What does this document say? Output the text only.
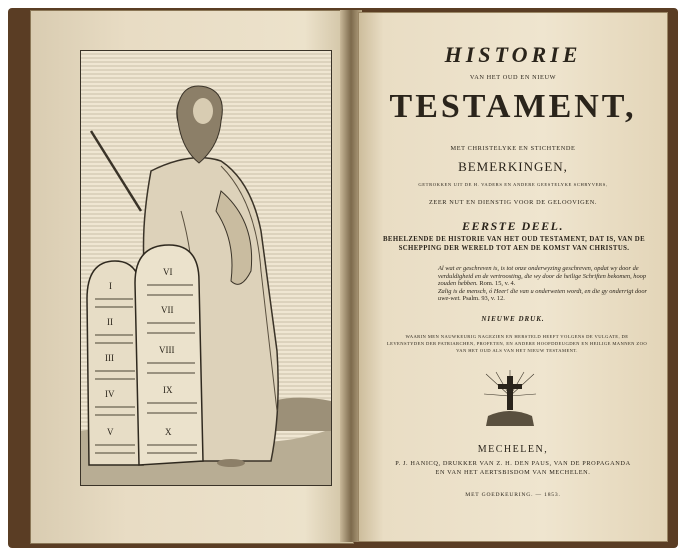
I
II
III
IV
V
VI
VII
VIII
IX
X
HISTORIE
VAN HET OUD EN NIEUW
TESTAMENT,
MET CHRISTELYKE EN STICHTENDE
BEMERKINGEN,
GETROKKEN UIT DE H. VADERS EN ANDERE GEESTELYKE SCHRYVERS,
ZEER NUT EN DIENSTIG VOOR DE GELOOVIGEN.
EERSTE DEEL.
BEHELZENDE DE HISTORIE VAN HET OUD TESTAMENT, DAT IS, VAN DE SCHEPPING DER WERELD TOT AEN DE KOMST VAN CHRISTUS.
Al wat er geschreven is, is tot onze onderwyzing geschreven, opdat wy door de verduldigheid en de vertroosting, die wy door de heilige Schriften bekomen, hoop zouden hebben. Rom. 15, v. 4.
Zalig is de mensch, ó Heer! die van u onderweten wordt, en die gy onderrigt door uwe-wet. Psalm. 93, v. 12.
NIEUWE DRUK.
WAARIN MEN NAUWKEURIG NAGEZIEN EN HERSTELD HEEFT VOLGENS DE VULGATE, DE LEVENSTYDEN DER PATRIARCHEN, PROFETEN, EN ANDERE HOOFDDEUGDEN EN HEILIGE MANNEN ZOO VAN HET OUD ALS VAN HET NIEUW TESTAMENT.
MECHELEN,
P. J. HANICQ, DRUKKER VAN Z. H. DEN PAUS, VAN DE PROPAGANDA
EN VAN HET AERTSBISDOM VAN MECHELEN.
MET GOEDKEURING. — 1853.
